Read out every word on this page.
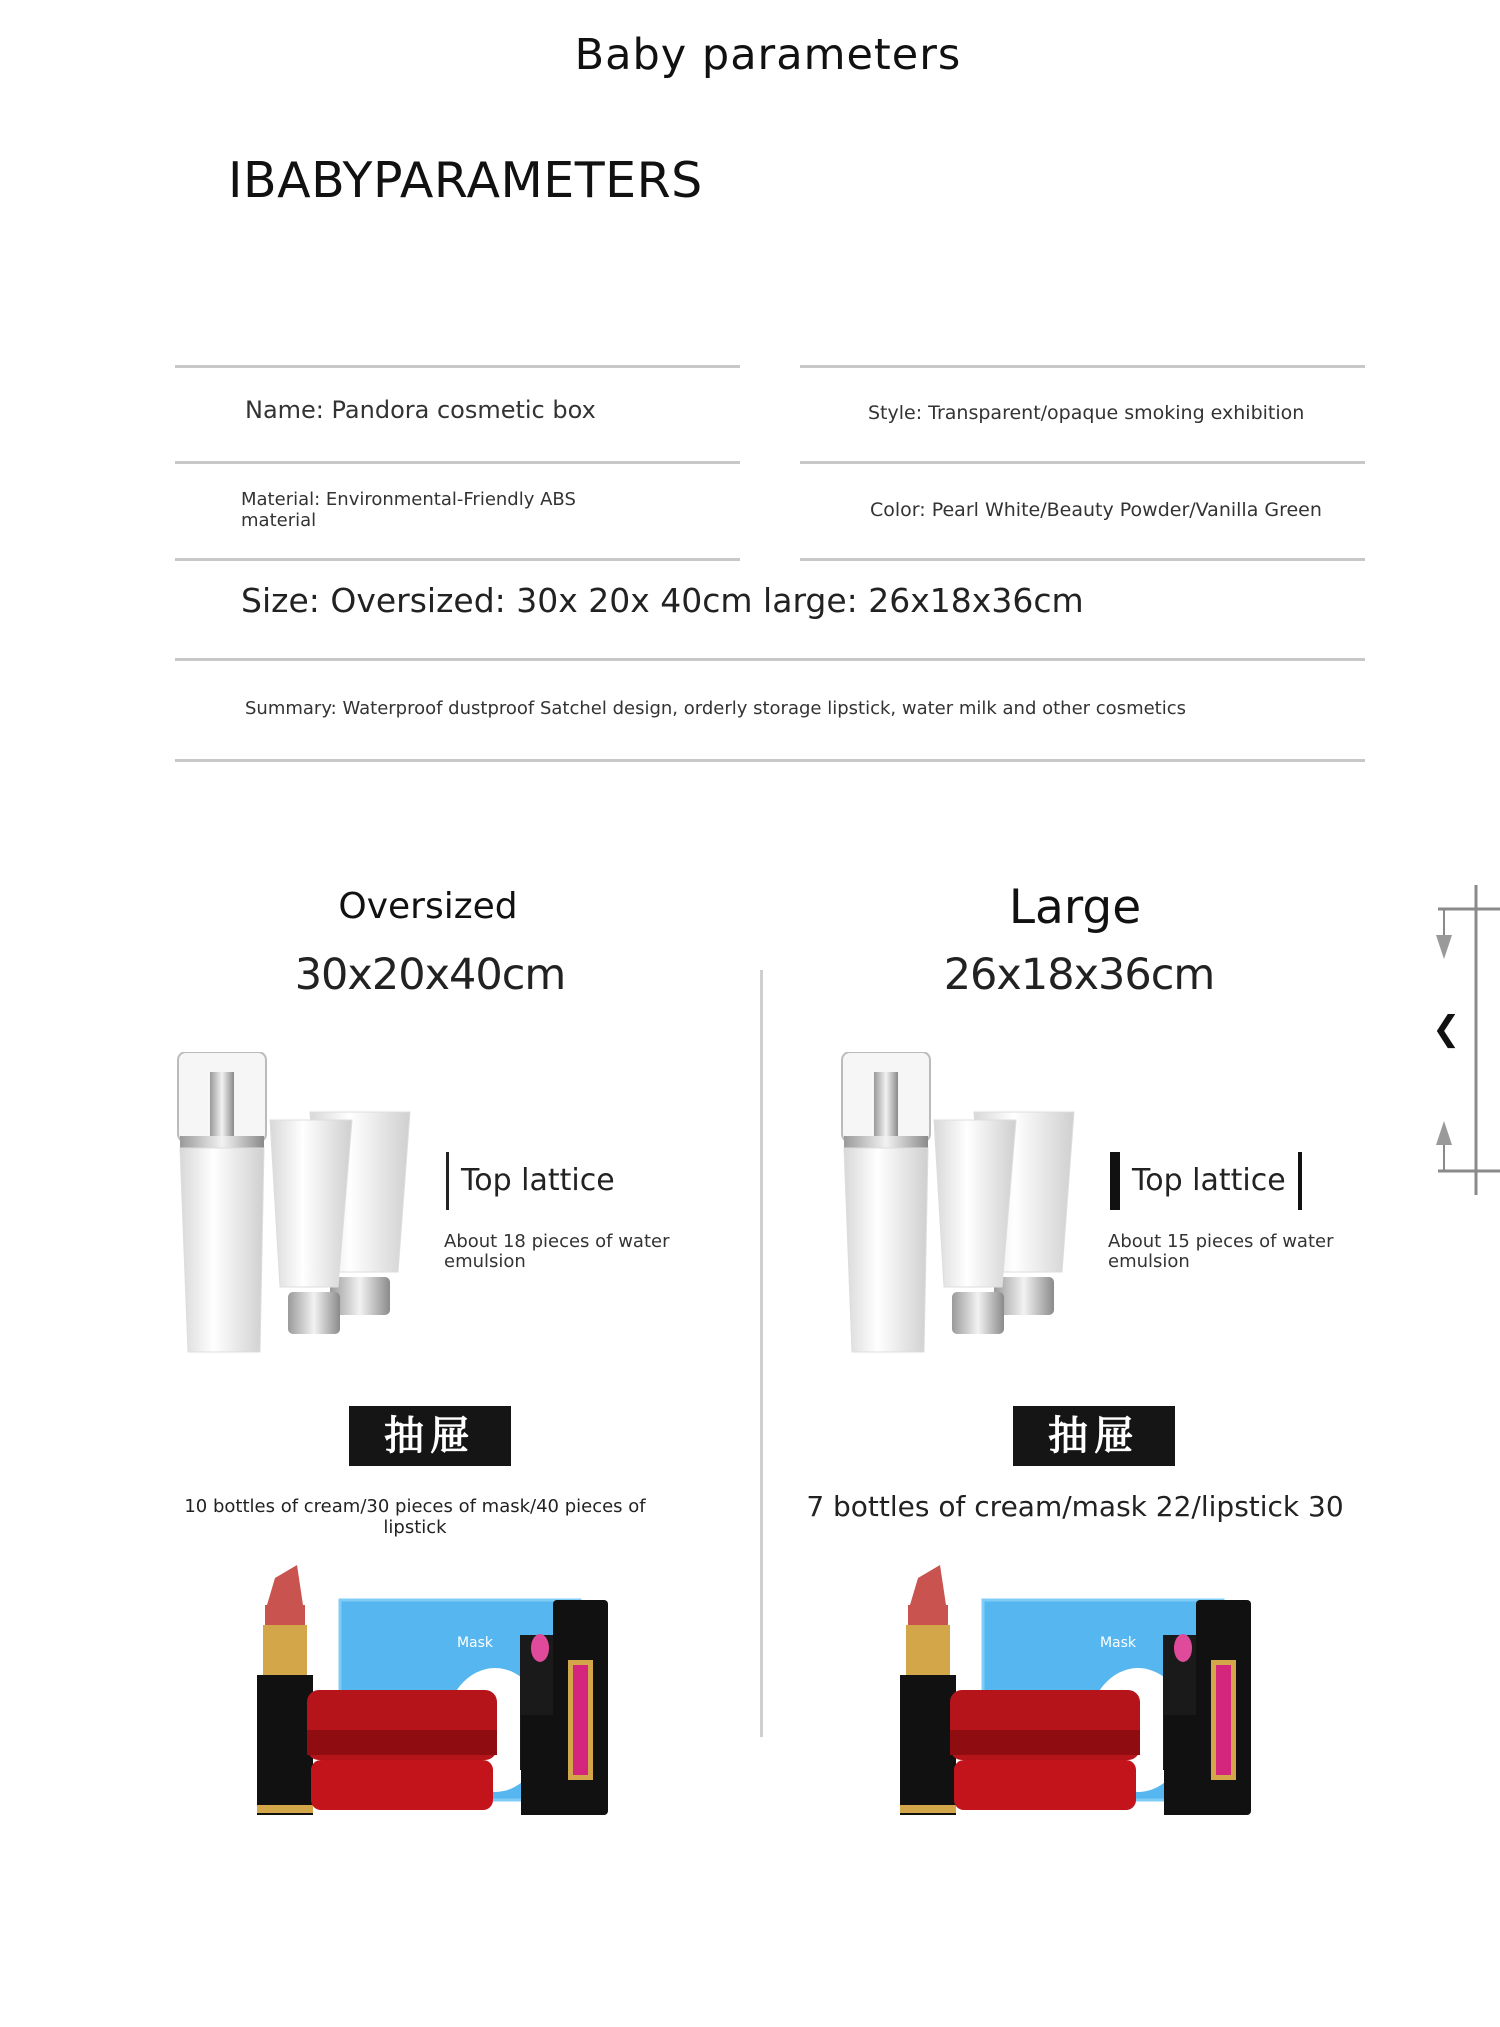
Baby parameters
IBABYPARAMETERS
Name: Pandora cosmetic box	Style: Transparent/opaque smoking exhibition
Material: Environmental-Friendly ABS material	Color: Pearl White/Beauty Powder/Vanilla Green
Size: Oversized: 30x 20x 40cm large: 26x18x36cm
Summary: Waterproof dustproof Satchel design, orderly storage lipstick, water milk and other cosmetics
Oversized
30x20x40cm
Top lattice
About 18 pieces of water emulsion
抽屉
10 bottles of cream/30 pieces of mask/40 pieces of lipstick
Mask
Large
26x18x36cm
Top lattice
About 15 pieces of water emulsion
抽屉
7 bottles of cream/mask 22/lipstick 30
Mask
❮
